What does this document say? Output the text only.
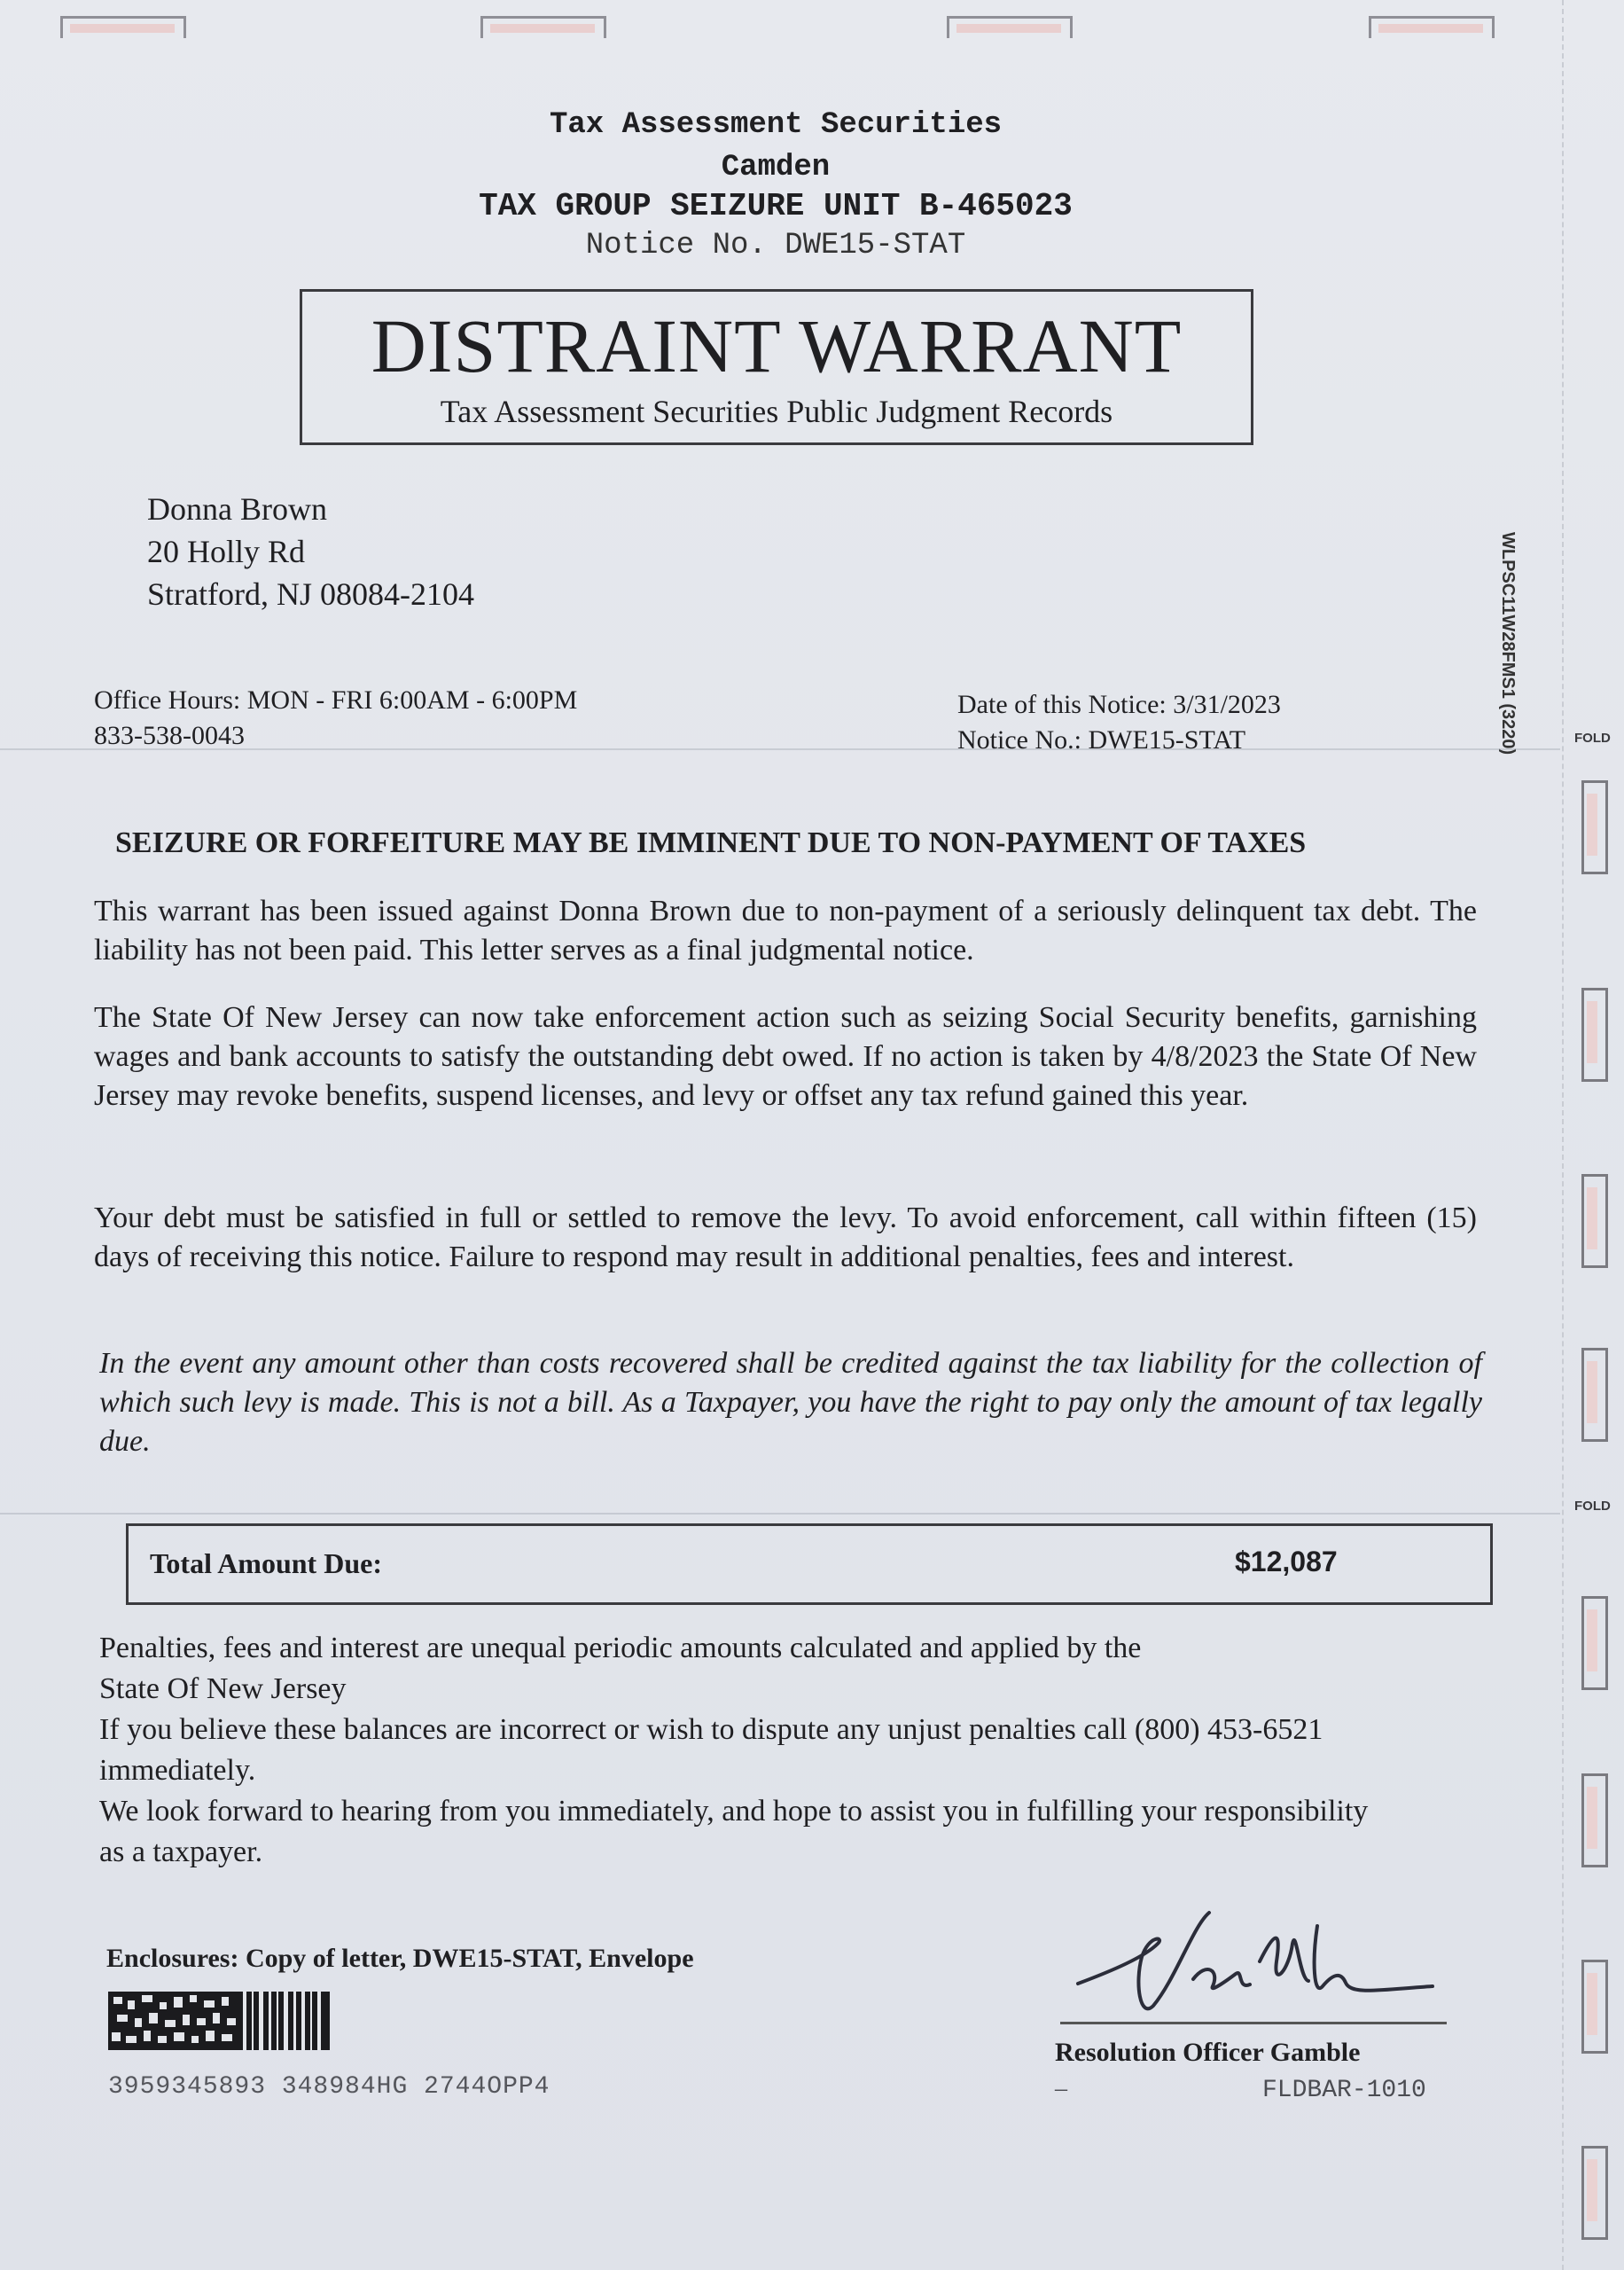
WLPSC11W28FMS1 (3220)	FOLD
FOLD
Tax Assessment Securities
Camden
TAX GROUP SEIZURE UNIT B-465023
Notice No. DWE15-STAT
DISTRAINT WARRANT
Tax Assessment Securities Public Judgment Records
Donna Brown
20 Holly Rd
Stratford, NJ 08084-2104
Office Hours: MON - FRI 6:00AM - 6:00PM
833-538-0043
Date of this Notice: 3/31/2023
Notice No.: DWE15-STAT
SEIZURE OR FORFEITURE MAY BE IMMINENT DUE TO NON-PAYMENT OF TAXES
This warrant has been issued against Donna Brown due to non-payment of a seriously delinquent tax debt. The liability has not been paid. This letter serves as a final judgmental notice.
The State Of New Jersey can now take enforcement action such as seizing Social Security benefits, garnishing wages and bank accounts to satisfy the outstanding debt owed. If no action is taken by 4/8/2023 the State Of New Jersey may revoke benefits, suspend licenses, and levy or offset any tax refund gained this year.
Your debt must be satisfied in full or settled to remove the levy. To avoid enforcement, call within fifteen (15) days of receiving this notice. Failure to respond may result in additional penalties, fees and interest.
In the event any amount other than costs recovered shall be credited against the tax liability for the collection of which such levy is made. This is not a bill. As a Taxpayer, you have the right to pay only the amount of tax legally due.
Total Amount Due:	$12,087
Penalties, fees and interest are unequal periodic amounts calculated and applied by the
State Of New Jersey
If you believe these balances are incorrect or wish to dispute any unjust penalties call (800) 453-6521
immediately.
We look forward to hearing from you immediately, and hope to assist you in fulfilling your responsibility
as a taxpayer.
Enclosures: Copy of letter, DWE15-STAT, Envelope
3959345893 348984HG 2744OPP4
Resolution Officer Gamble
–	FLDBAR-1010
